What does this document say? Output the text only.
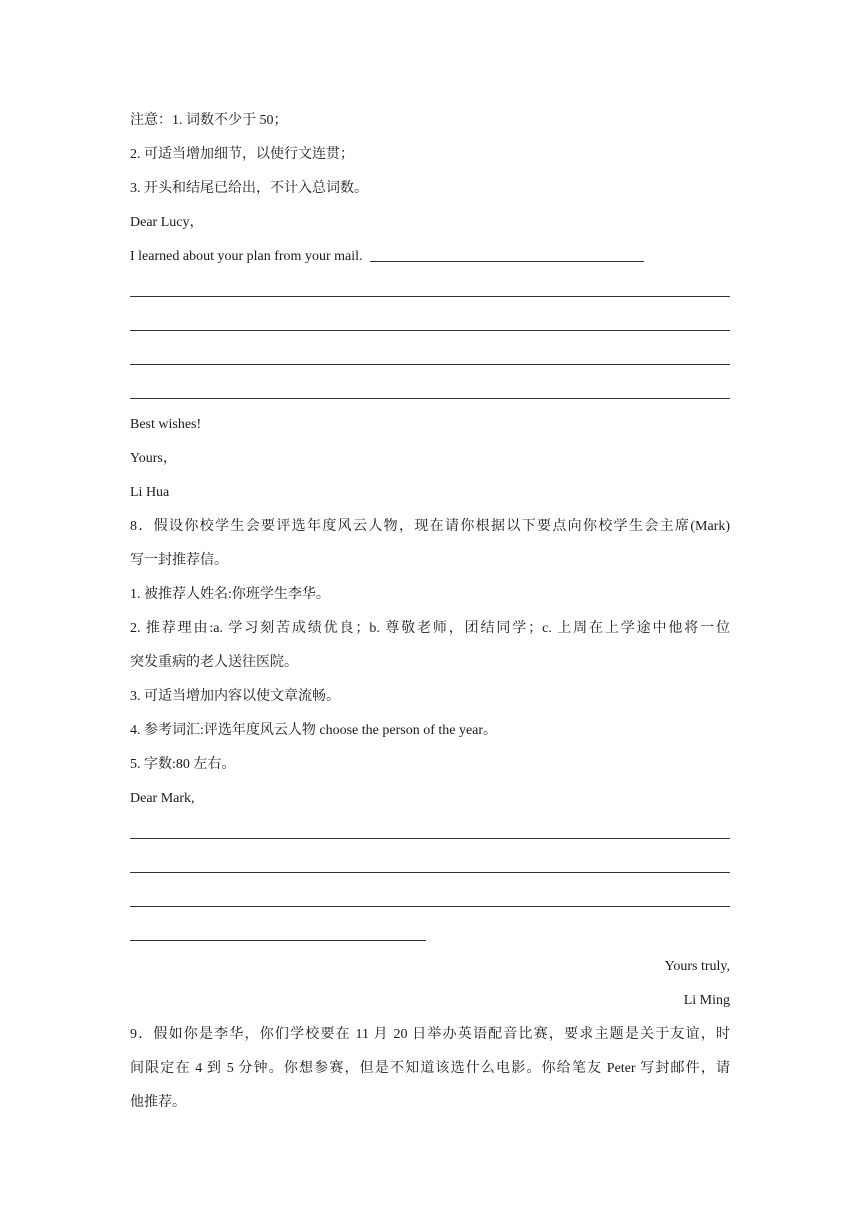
注意：1. 词数不少于 50；
2. 可适当增加细节，以使行文连贯；
3. 开头和结尾已给出，不计入总词数。
Dear Lucy，
I learned about your plan from your mail.
Best wishes!
Yours，
Li Hua
8．假设你校学生会要评选年度风云人物，现在请你根据以下要点向你校学生会主席(Mark)
写一封推荐信。
1. 被推荐人姓名:你班学生李华。
2. 推荐理由:a. 学习刻苦成绩优良；b. 尊敬老师，团结同学；c. 上周在上学途中他将一位
突发重病的老人送往医院。
3. 可适当增加内容以使文章流畅。
4. 参考词汇:评选年度风云人物 choose the person of the year。
5. 字数:80 左右。
Dear Mark,
Yours truly,
Li Ming
9．假如你是李华，你们学校要在 11 月 20 日举办英语配音比赛，要求主题是关于友谊，时
间限定在 4 到 5 分钟。你想参赛，但是不知道该选什么电影。你给笔友 Peter 写封邮件，请
他推荐。
